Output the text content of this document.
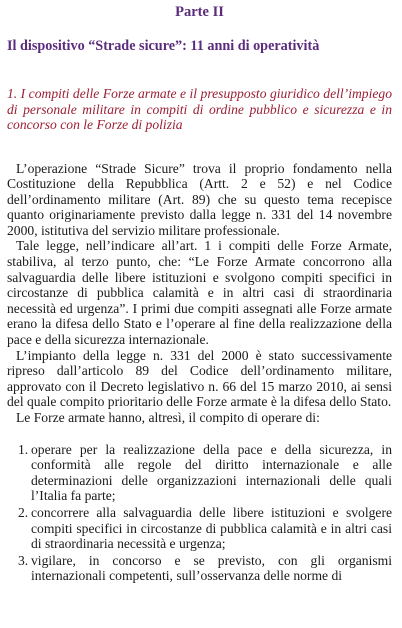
Parte II
Il dispositivo “Strade sicure”: 11 anni di operatività
1. I compiti delle Forze armate e il presupposto giuridico dell’impiego di personale militare in compiti di ordine pubblico e sicurezza e in concorso con le Forze di polizia

L’operazione “Strade Sicure” trova il proprio fondamento nella Costituzione della Repubblica (Artt. 2 e 52) e nel Codice dell’ordinamento militare (Art. 89) che su questo tema recepisce quanto originariamente previsto dalla legge n. 331 del 14 novembre 2000, istitutiva del servizio militare professionale.

Tale legge, nell’indicare all’art. 1 i compiti delle Forze Armate, stabiliva, al terzo punto, che: “Le Forze Armate concorrono alla salvaguardia delle libere istituzioni e svolgono compiti specifici in circostanze di pubblica calamità e in altri casi di straordinaria necessità ed urgenza”. I primi due compiti assegnati alle Forze armate erano la difesa dello Stato e l’operare al fine della realizzazione della pace e della sicurezza internazionale.

L’impianto della legge n. 331 del 2000 è stato successivamente ripreso dall’articolo 89 del Codice dell’ordinamento militare, approvato con il Decreto legislativo n. 66 del 15 marzo 2010, ai sensi del quale compito prioritario delle Forze armate è la difesa dello Stato.

Le Forze armate hanno, altresì, il compito di operare di:

1. operare per la realizzazione della pace e della sicurezza, in conformità alle regole del diritto internazionale e alle determinazioni delle organizzazioni internazionali delle quali l’Italia fa parte;
2. concorrere alla salvaguardia delle libere istituzioni e svolgere compiti specifici in circostanze di pubblica calamità e in altri casi di straordinaria necessità e urgenza;
3. vigilare, in concorso e se previsto, con gli organismi internazionali competenti, sull’osservanza delle norme di
